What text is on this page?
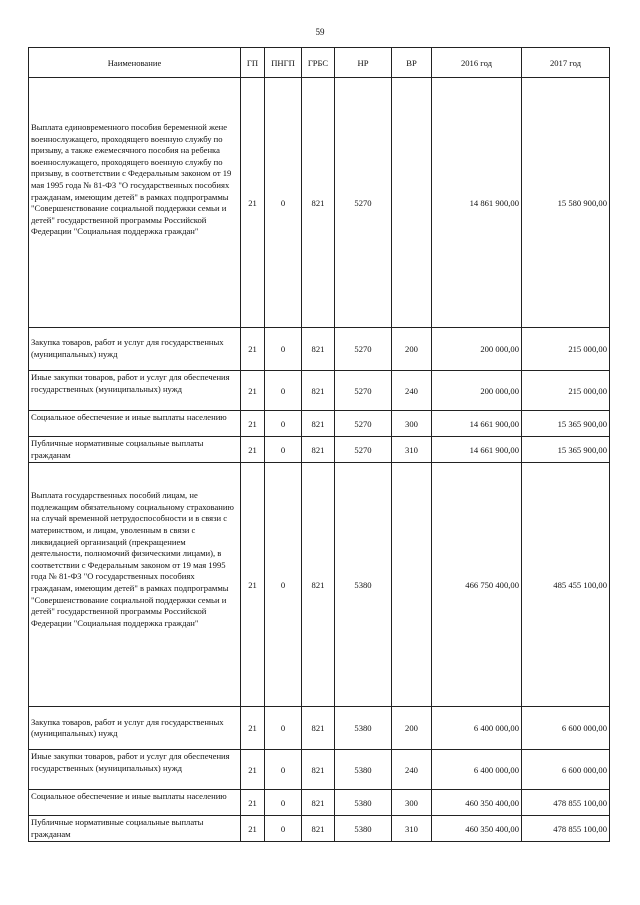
59
Наименование	ГП	ПНГП	ГРБС	НР	ВР	2016 год	2017 год
Выплата единовременного пособия беременной жене военнослужащего, проходящего военную службу по призыву, а также ежемесячного пособия на ребенка военнослужащего, проходящего военную службу по призыву, в соответствии с Федеральным законом от 19 мая 1995 года № 81-ФЗ "О государственных пособиях гражданам, имеющим детей" в рамках подпрограммы "Совершенствование социальной поддержки семьи и детей" государственной программы Российской Федерации "Социальная поддержка граждан"	21	0	821	5270		14 861 900,00	15 580 900,00
Закупка товаров, работ и услуг для государственных (муниципальных) нужд	21	0	821	5270	200	200 000,00	215 000,00
Иные закупки товаров, работ и услуг для обеспечения государственных (муниципальных) нужд	21	0	821	5270	240	200 000,00	215 000,00
Социальное обеспечение и иные выплаты населению	21	0	821	5270	300	14 661 900,00	15 365 900,00
Публичные нормативные социальные выплаты гражданам	21	0	821	5270	310	14 661 900,00	15 365 900,00
Выплата государственных пособий лицам, не подлежащим обязательному социальному страхованию на случай временной нетрудоспособности и в связи с материнством, и лицам, уволенным в связи с ликвидацией организаций (прекращением деятельности, полномочий физическими лицами), в соответствии с Федеральным законом от 19 мая 1995 года № 81-ФЗ "О государственных пособиях гражданам, имеющим детей" в рамках подпрограммы "Совершенствование социальной поддержки семьи и детей" государственной программы Российской Федерации "Социальная поддержка граждан"	21	0	821	5380		466 750 400,00	485 455 100,00
Закупка товаров, работ и услуг для государственных (муниципальных) нужд	21	0	821	5380	200	6 400 000,00	6 600 000,00
Иные закупки товаров, работ и услуг для обеспечения государственных (муниципальных) нужд	21	0	821	5380	240	6 400 000,00	6 600 000,00
Социальное обеспечение и иные выплаты населению	21	0	821	5380	300	460 350 400,00	478 855 100,00
Публичные нормативные социальные выплаты гражданам	21	0	821	5380	310	460 350 400,00	478 855 100,00
